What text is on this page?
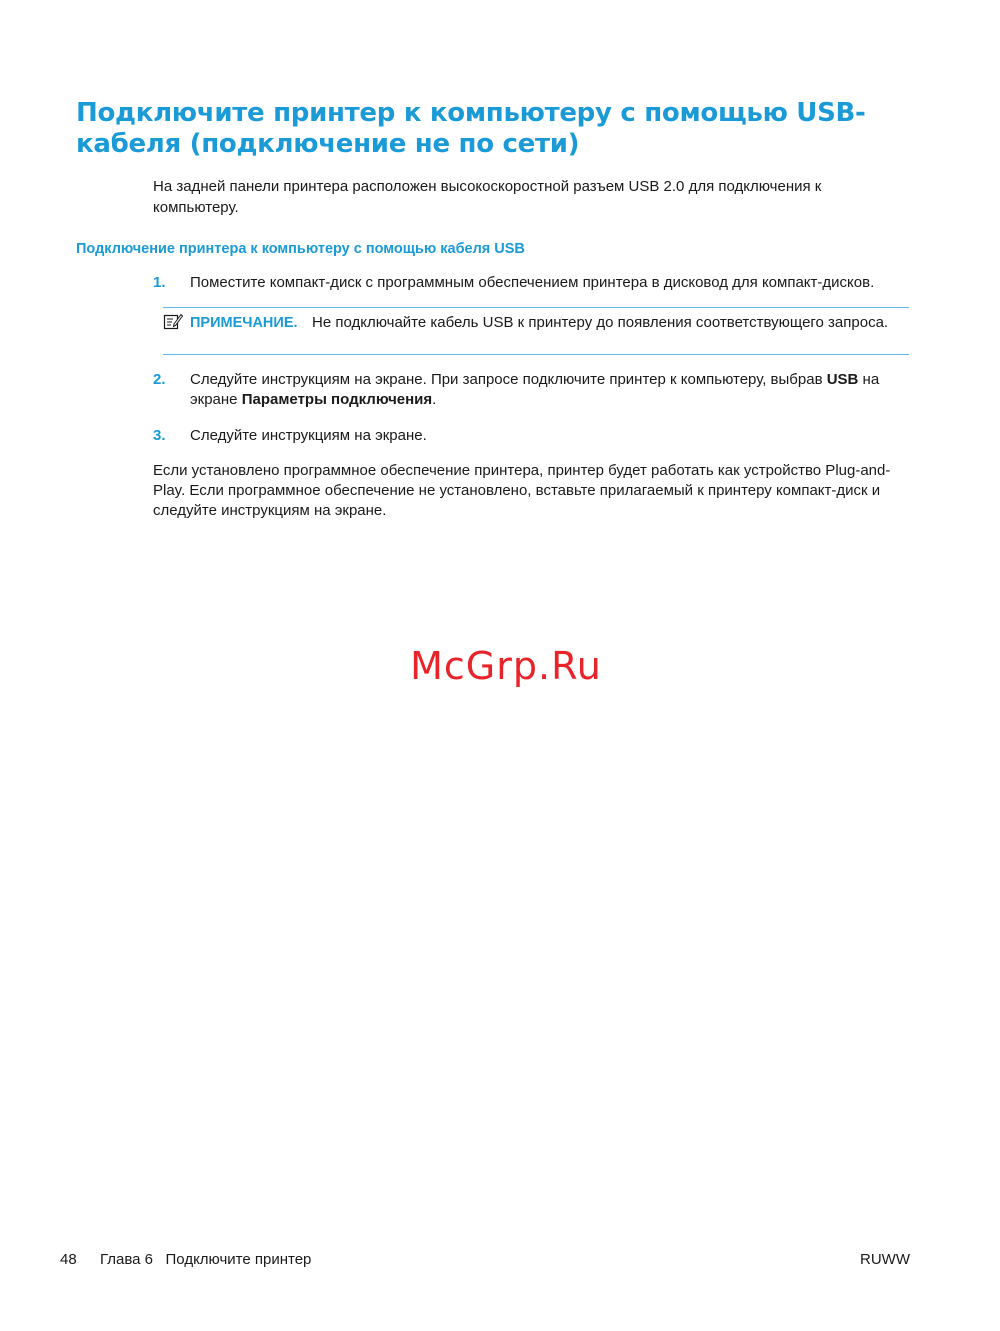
Подключите принтер к компьютеру с помощью USB-кабеля (подключение не по сети)

На задней панели принтера расположен высокоскоростной разъем USB 2.0 для подключения к компьютеру.

Подключение принтера к компьютеру с помощью кабеля USB
1. Поместите компакт-диск с программным обеспечением принтера в дисковод для компакт-дисков.
ПРИМЕЧАНИЕ. Не подключайте кабель USB к принтеру до появления соответствующего запроса.
2. Следуйте инструкциям на экране. При запросе подключите принтер к компьютеру, выбрав USB на экране Параметры подключения.
3. Следуйте инструкциям на экране.

Если установлено программное обеспечение принтера, принтер будет работать как устройство Plug-and-Play. Если программное обеспечение не установлено, вставьте прилагаемый к принтеру компакт-диск и следуйте инструкциям на экране.

McGrp.Ru
48 Глава 6   Подключите принтер	RUWW
